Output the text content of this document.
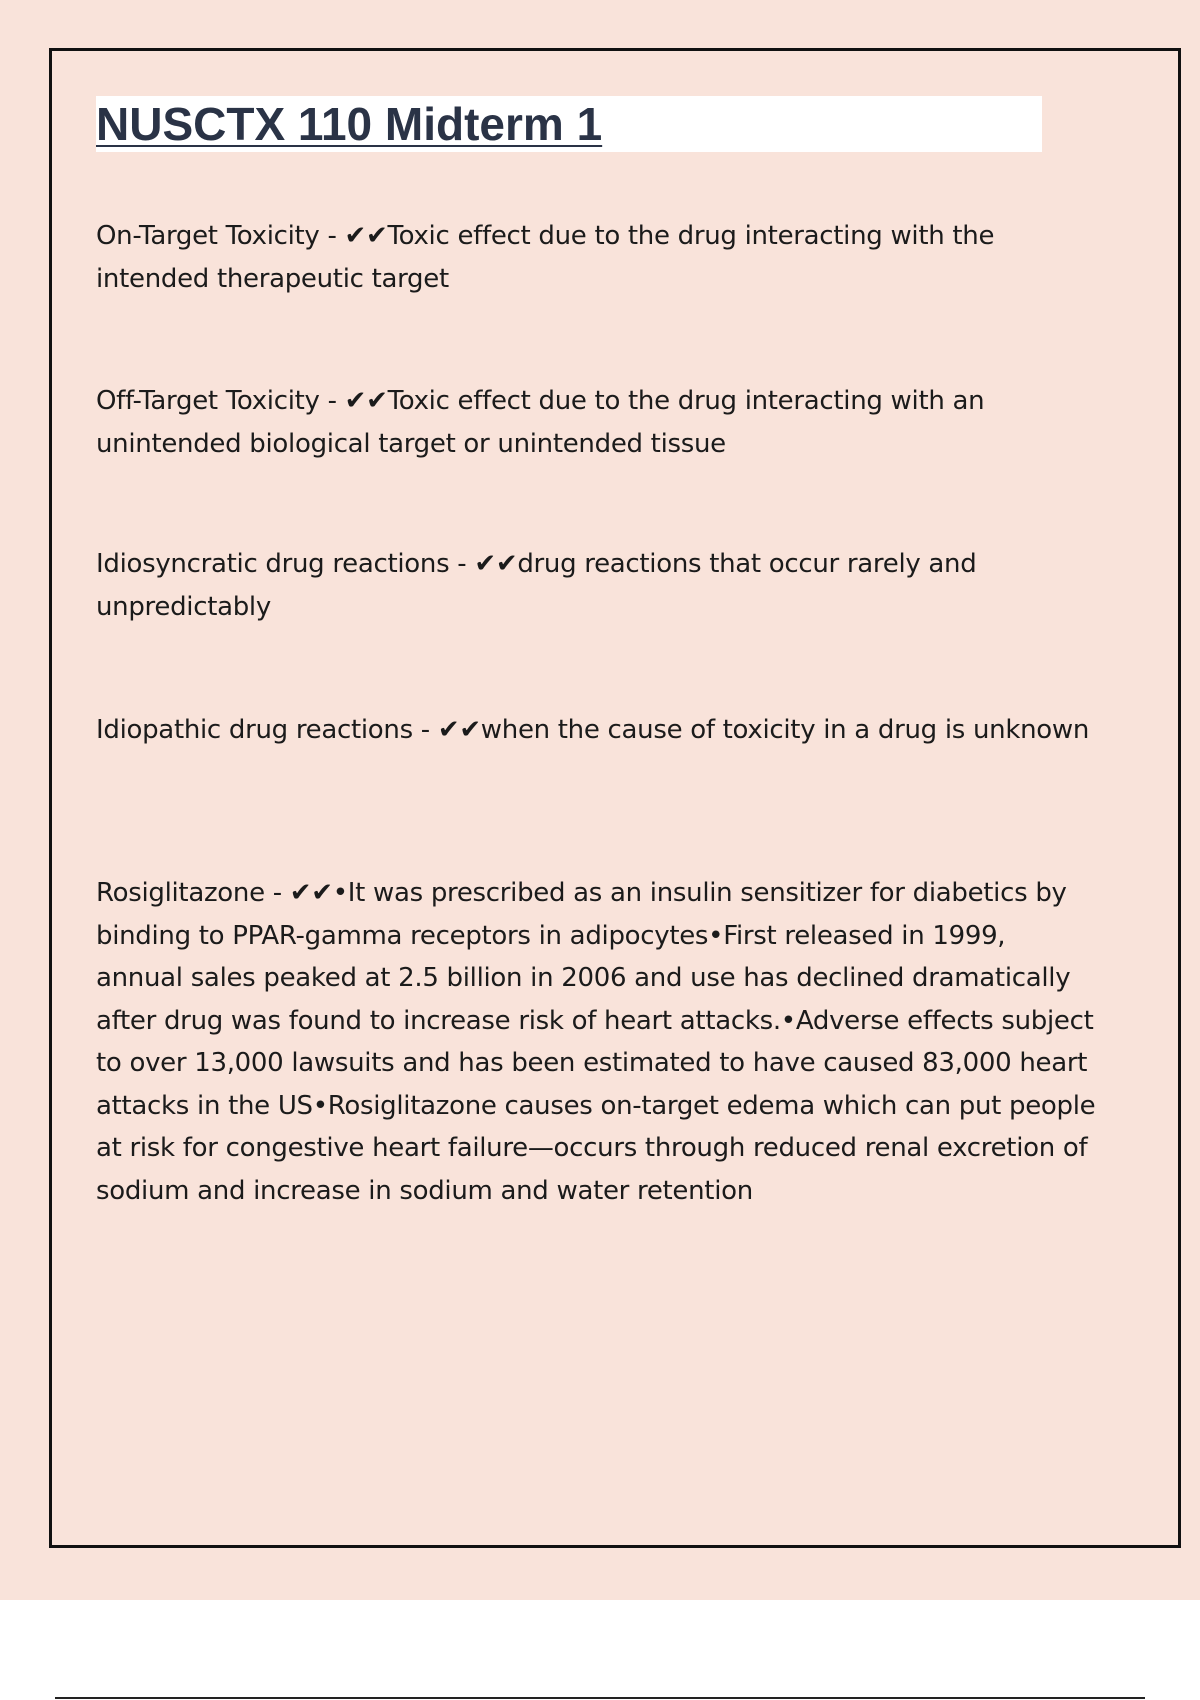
NUSCTX 110 Midterm 1

On-Target Toxicity - ✔✔Toxic effect due to the drug interacting with the intended therapeutic target

Off-Target Toxicity - ✔✔Toxic effect due to the drug interacting with an unintended biological target or unintended tissue

Idiosyncratic drug reactions - ✔✔drug reactions that occur rarely and unpredictably

Idiopathic drug reactions - ✔✔when the cause of toxicity in a drug is unknown

Rosiglitazone - ✔✔•It was prescribed as an insulin sensitizer for diabetics by binding to PPAR-gamma receptors in adipocytes•First released in 1999, annual sales peaked at 2.5 billion in 2006 and use has declined dramatically after drug was found to increase risk of heart attacks.•Adverse effects subject to over 13,000 lawsuits and has been estimated to have caused 83,000 heart attacks in the US•Rosiglitazone causes on-target edema which can put people at risk for congestive heart failure—occurs through reduced renal excretion of sodium and increase in sodium and water retention
